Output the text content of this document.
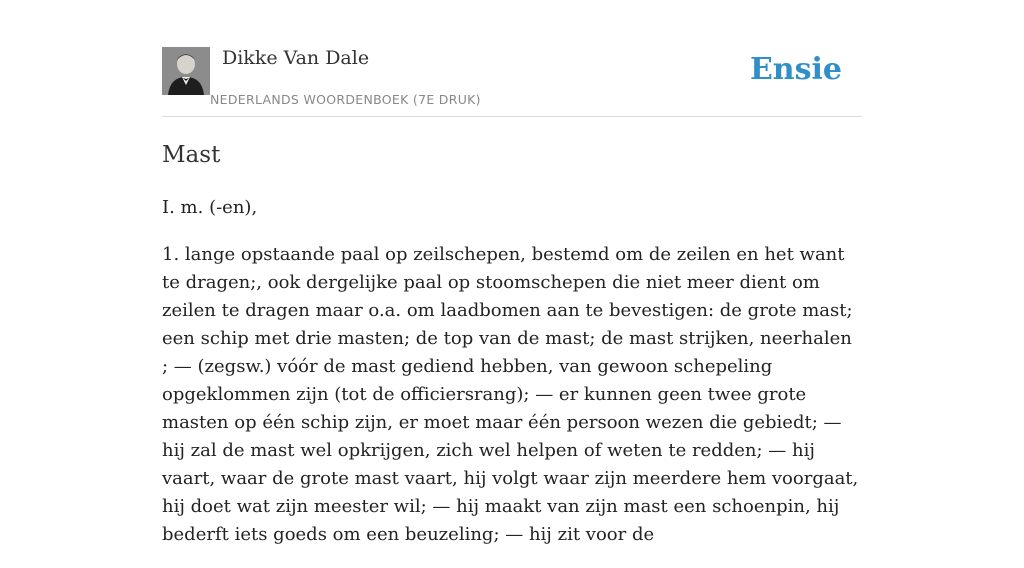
Dikke Van Dale
NEDERLANDS WOORDENBOEK (7E DRUK)
Ensie
Mast

I. m. (-en),

1. lange opstaande paal op zeilschepen, bestemd om de zeilen en het want te dragen;, ook dergelijke paal op stoomschepen die niet meer dient om zeilen te dragen maar o.a. om laadbomen aan te bevestigen: de grote mast; een schip met drie masten; de top van de mast; de mast strijken, neerhalen ; — (zegsw.) vóór de mast gediend hebben, van gewoon schepeling opgeklommen zijn (tot de officiersrang); — er kunnen geen twee grote masten op één schip zijn, er moet maar één persoon wezen die gebiedt; — hij zal de mast wel opkrijgen, zich wel helpen of weten te redden; — hij vaart, waar de grote mast vaart, hij volgt waar zijn meerdere hem voorgaat, hij doet wat zijn meester wil; — hij maakt van zijn mast een schoenpin, hij bederft iets goeds om een beuzeling; — hij zit voor de
